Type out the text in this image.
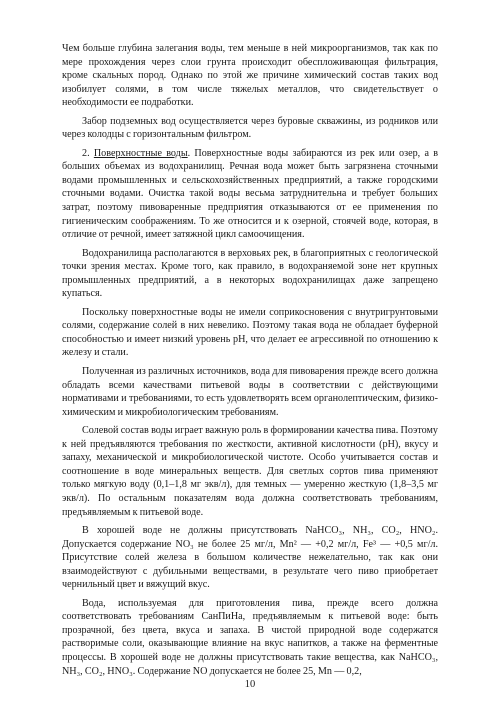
Чем больше глубина залегания воды, тем меньше в ней микроорганизмов, так как по мере прохождения через слои грунта происходит обеспложивающая фильтрация, кроме скальных пород. Однако по этой же причине химический состав таких вод изобилует солями, в том числе тяжелых металлов, что свидетельствует о необходимости ее подработки.

Забор подземных вод осуществляется через буровые скважины, из родников или через колодцы с горизонтальным фильтром.

2. Поверхностные воды. Поверхностные воды забираются из рек или озер, а в больших объемах из водохранилищ. Речная вода может быть загрязнена сточными водами промышленных и сельскохозяйственных предприятий, а также городскими сточными водами. Очистка такой воды весьма затруднительна и требует больших затрат, поэтому пивоваренные предприятия отказываются от ее применения по гигиеническим соображениям. То же относится и к озерной, стоячей воде, которая, в отличие от речной, имеет затяжной цикл самоочищения.

Водохранилища располагаются в верховьях рек, в благоприятных с геологической точки зрения местах. Кроме того, как правило, в водохраняемой зоне нет крупных промышленных предприятий, а в некоторых водохранилищах даже запрещено купаться.

Поскольку поверхностные воды не имели соприкосновения с внутригрунтовыми солями, содержание солей в них невелико. Поэтому такая вода не обладает буферной способностью и имеет низкий уровень pH, что делает ее агрессивной по отношению к железу и стали.

Полученная из различных источников, вода для пивоварения прежде всего должна обладать всеми качествами питьевой воды в соответствии с действующими нормативами и требованиями, то есть удовлетворять всем органолептическим, физико-химическим и микробиологическим требованиям.

Солевой состав воды играет важную роль в формировании качества пива. Поэтому к ней предъявляются требования по жесткости, активной кислотности (pH), вкусу и запаху, механической и микробиологической чистоте. Особо учитывается состав и соотношение в воде минеральных веществ. Для светлых сортов пива применяют только мягкую воду (0,1–1,8 мг экв/л), для темных — умеренно жесткую (1,8–3,5 мг экв/л). По остальным показателям вода должна соответствовать требованиям, предъявляемым к питьевой воде.

В хорошей воде не должны присутствовать NaHCO₃, NH₃, CO₂, HNO₂. Допускается содержание NO₃ не более 25 мг/л, Mn² — +0,2 мг/л, Fe³ — +0,5 мг/л. Присутствие солей железа в большом количестве нежелательно, так как они взаимодействуют с дубильными веществами, в результате чего пиво приобретает чернильный цвет и вяжущий вкус.

Вода, используемая для приготовления пива, прежде всего должна соответствовать требованиям СанПиНа, предъявляемым к питьевой воде: быть прозрачной, без цвета, вкуса и запаха. В чистой природной воде содержатся растворимые соли, оказывающие влияние на вкус напитков, а также на ферментные процессы. В хорошей воде не должны присутствовать такие вещества, как NaHCO₃, NH₃, CO₂, HNO₃. Содержание NO допускается не более 25, Mn — 0,2,

10
